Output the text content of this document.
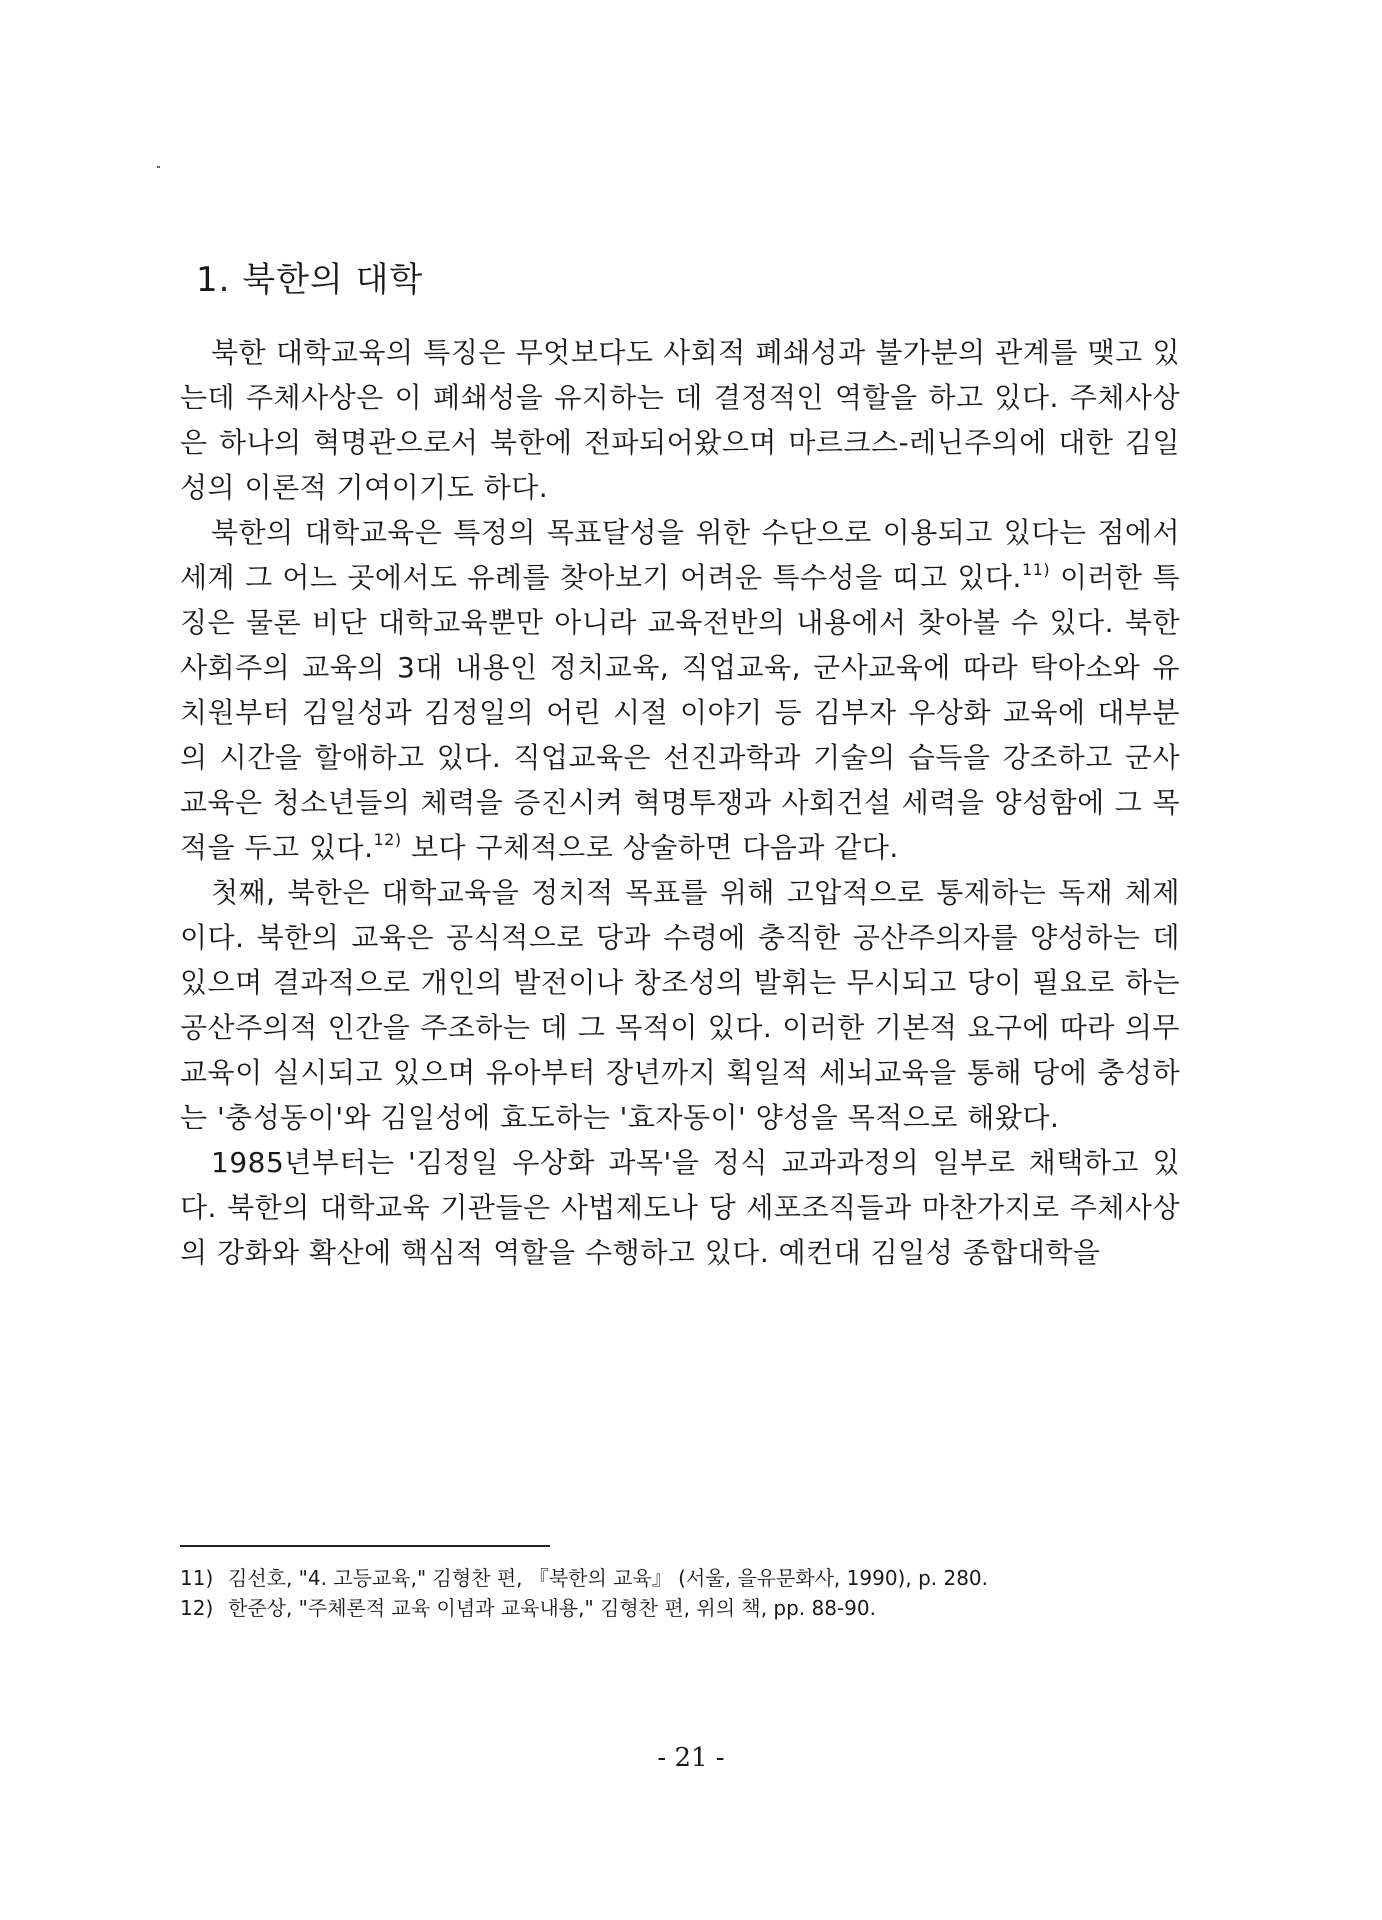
1. 북한의 대학

북한 대학교육의 특징은 무엇보다도 사회적 폐쇄성과 불가분의 관계를 맺고 있는데 주체사상은 이 폐쇄성을 유지하는 데 결정적인 역할을 하고 있다. 주체사상은 하나의 혁명관으로서 북한에 전파되어왔으며 마르크스-레닌주의에 대한 김일성의 이론적 기여이기도 하다.

북한의 대학교육은 특정의 목표달성을 위한 수단으로 이용되고 있다는 점에서 세계 그 어느 곳에서도 유례를 찾아보기 어려운 특수성을 띠고 있다.$^{11)}$ 이러한 특징은 물론 비단 대학교육뿐만 아니라 교육전반의 내용에서 찾아볼 수 있다. 북한 사회주의 교육의 3대 내용인 정치교육, 직업교육, 군사교육에 따라 탁아소와 유치원부터 김일성과 김정일의 어린 시절 이야기 등 김부자 우상화 교육에 대부분의 시간을 할애하고 있다. 직업교육은 선진과학과 기술의 습득을 강조하고 군사교육은 청소년들의 체력을 증진시켜 혁명투쟁과 사회건설 세력을 양성함에 그 목적을 두고 있다.$^{12)}$ 보다 구체적으로 상술하면 다음과 같다.

첫째, 북한은 대학교육을 정치적 목표를 위해 고압적으로 통제하는 독재 체제이다. 북한의 교육은 공식적으로 당과 수령에 충직한 공산주의자를 양성하는 데 있으며 결과적으로 개인의 발전이나 창조성의 발휘는 무시되고 당이 필요로 하는 공산주의적 인간을 주조하는 데 그 목적이 있다. 이러한 기본적 요구에 따라 의무교육이 실시되고 있으며 유아부터 장년까지 획일적 세뇌교육을 통해 당에 충성하는 '충성동이'와 김일성에 효도하는 '효자동이' 양성을 목적으로 해왔다.

1985년부터는 '김정일 우상화 과목'을 정식 교과과정의 일부로 채택하고 있다. 북한의 대학교육 기관들은 사법제도나 당 세포조직들과 마찬가지로 주체사상의 강화와 확산에 핵심적 역할을 수행하고 있다. 예컨대 김일성 종합대학을

11) 김선호, "4. 고등교육," 김형찬 편, 『북한의 교육』 (서울, 을유문화사, 1990), p. 280.
12) 한준상, "주체론적 교육 이념과 교육내용," 김형찬 편, 위의 책, pp. 88-90.
- 21 -
